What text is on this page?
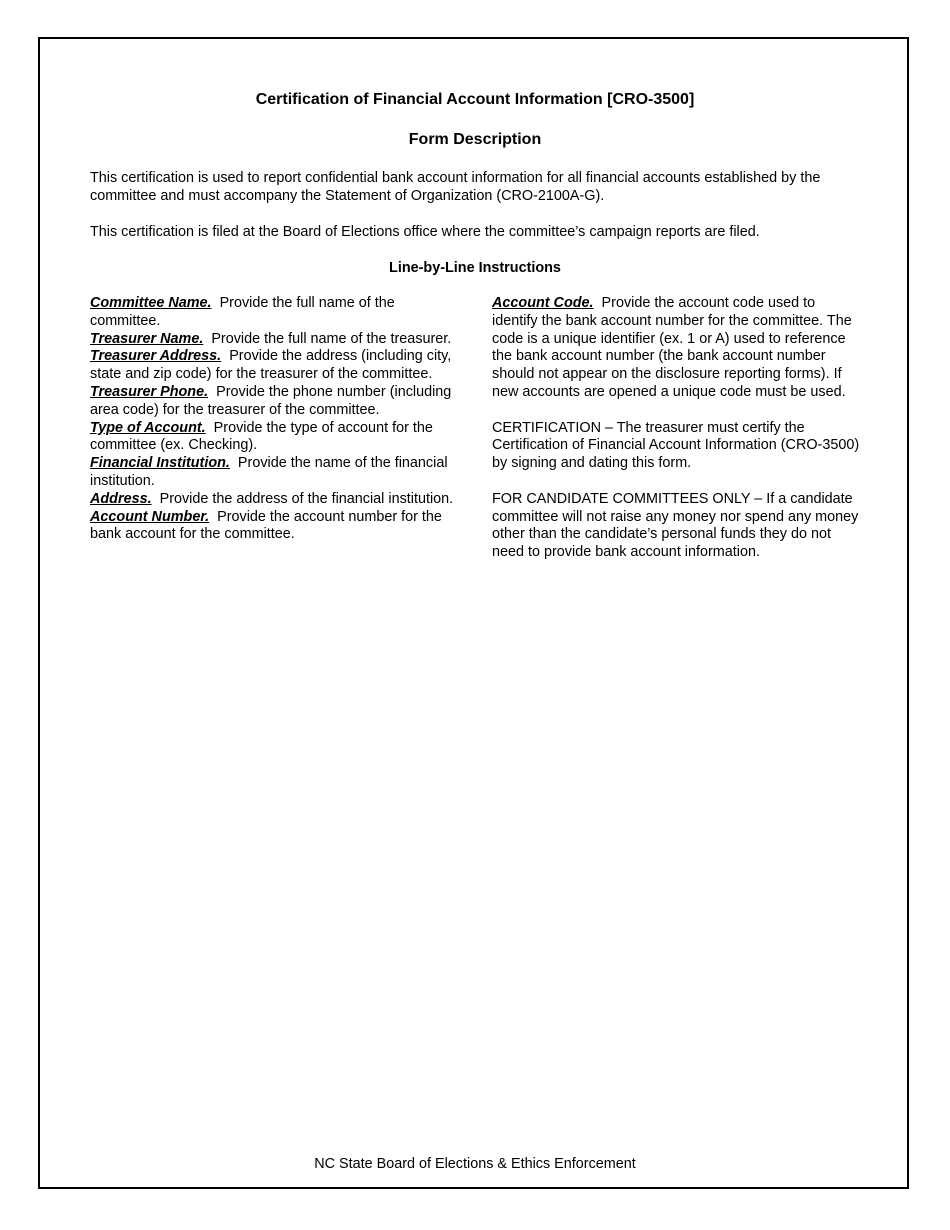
Certification of Financial Account Information [CRO-3500]
Form Description
This certification is used to report confidential bank account information for all financial accounts established by the committee and must accompany the Statement of Organization (CRO-2100A-G).
This certification is filed at the Board of Elections office where the committee’s campaign reports are filed.
Line-by-Line Instructions

Committee Name. Provide the full name of the committee.

Treasurer Name. Provide the full name of the treasurer.

Treasurer Address. Provide the address (including city, state and zip code) for the treasurer of the committee.

Treasurer Phone. Provide the phone number (including area code) for the treasurer of the committee.

Type of Account. Provide the type of account for the committee (ex. Checking).

Financial Institution. Provide the name of the financial institution.

Address. Provide the address of the financial institution.

Account Number. Provide the account number for the bank account for the committee.

Account Code. Provide the account code used to identify the bank account number for the committee. The code is a unique identifier (ex. 1 or A) used to reference the bank account number (the bank account number should not appear on the disclosure reporting forms). If new accounts are opened a unique code must be used.

CERTIFICATION – The treasurer must certify the Certification of Financial Account Information (CRO-3500) by signing and dating this form.

FOR CANDIDATE COMMITTEES ONLY – If a candidate committee will not raise any money nor spend any money other than the candidate’s personal funds they do not need to provide bank account information.

NC State Board of Elections & Ethics Enforcement
